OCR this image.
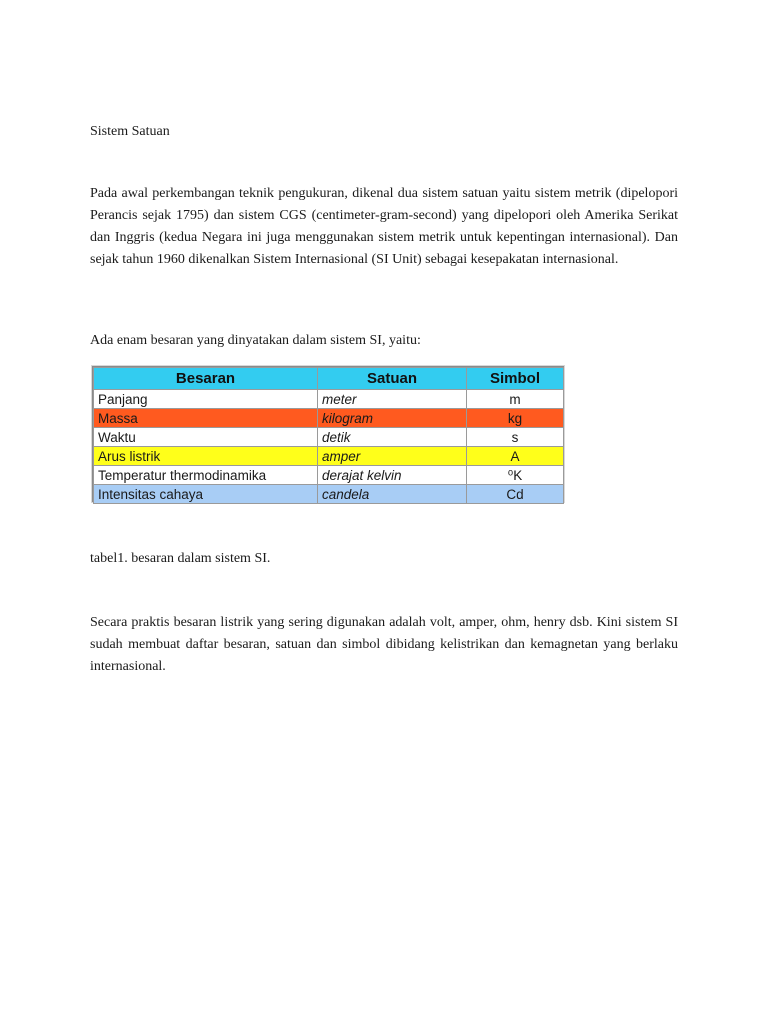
Sistem Satuan
Pada awal perkembangan teknik pengukuran, dikenal dua sistem satuan yaitu sistem metrik (dipelopori Perancis sejak 1795) dan sistem CGS (centimeter-gram-second) yang dipelopori oleh Amerika Serikat dan Inggris (kedua Negara ini juga menggunakan sistem metrik untuk kepentingan internasional). Dan sejak tahun 1960 dikenalkan Sistem Internasional (SI Unit) sebagai kesepakatan internasional.
Ada enam besaran yang dinyatakan dalam sistem SI, yaitu:
Besaran	Satuan	Simbol
Panjang	meter	m
Massa	kilogram	kg
Waktu	detik	s
Arus listrik	amper	A
Temperatur thermodinamika	derajat kelvin	⁰K
Intensitas cahaya	candela	Cd
tabel1. besaran dalam sistem SI.
Secara praktis besaran listrik yang sering digunakan adalah volt, amper, ohm, henry dsb. Kini sistem SI sudah membuat daftar besaran, satuan dan simbol dibidang kelistrikan dan kemagnetan yang berlaku internasional.
